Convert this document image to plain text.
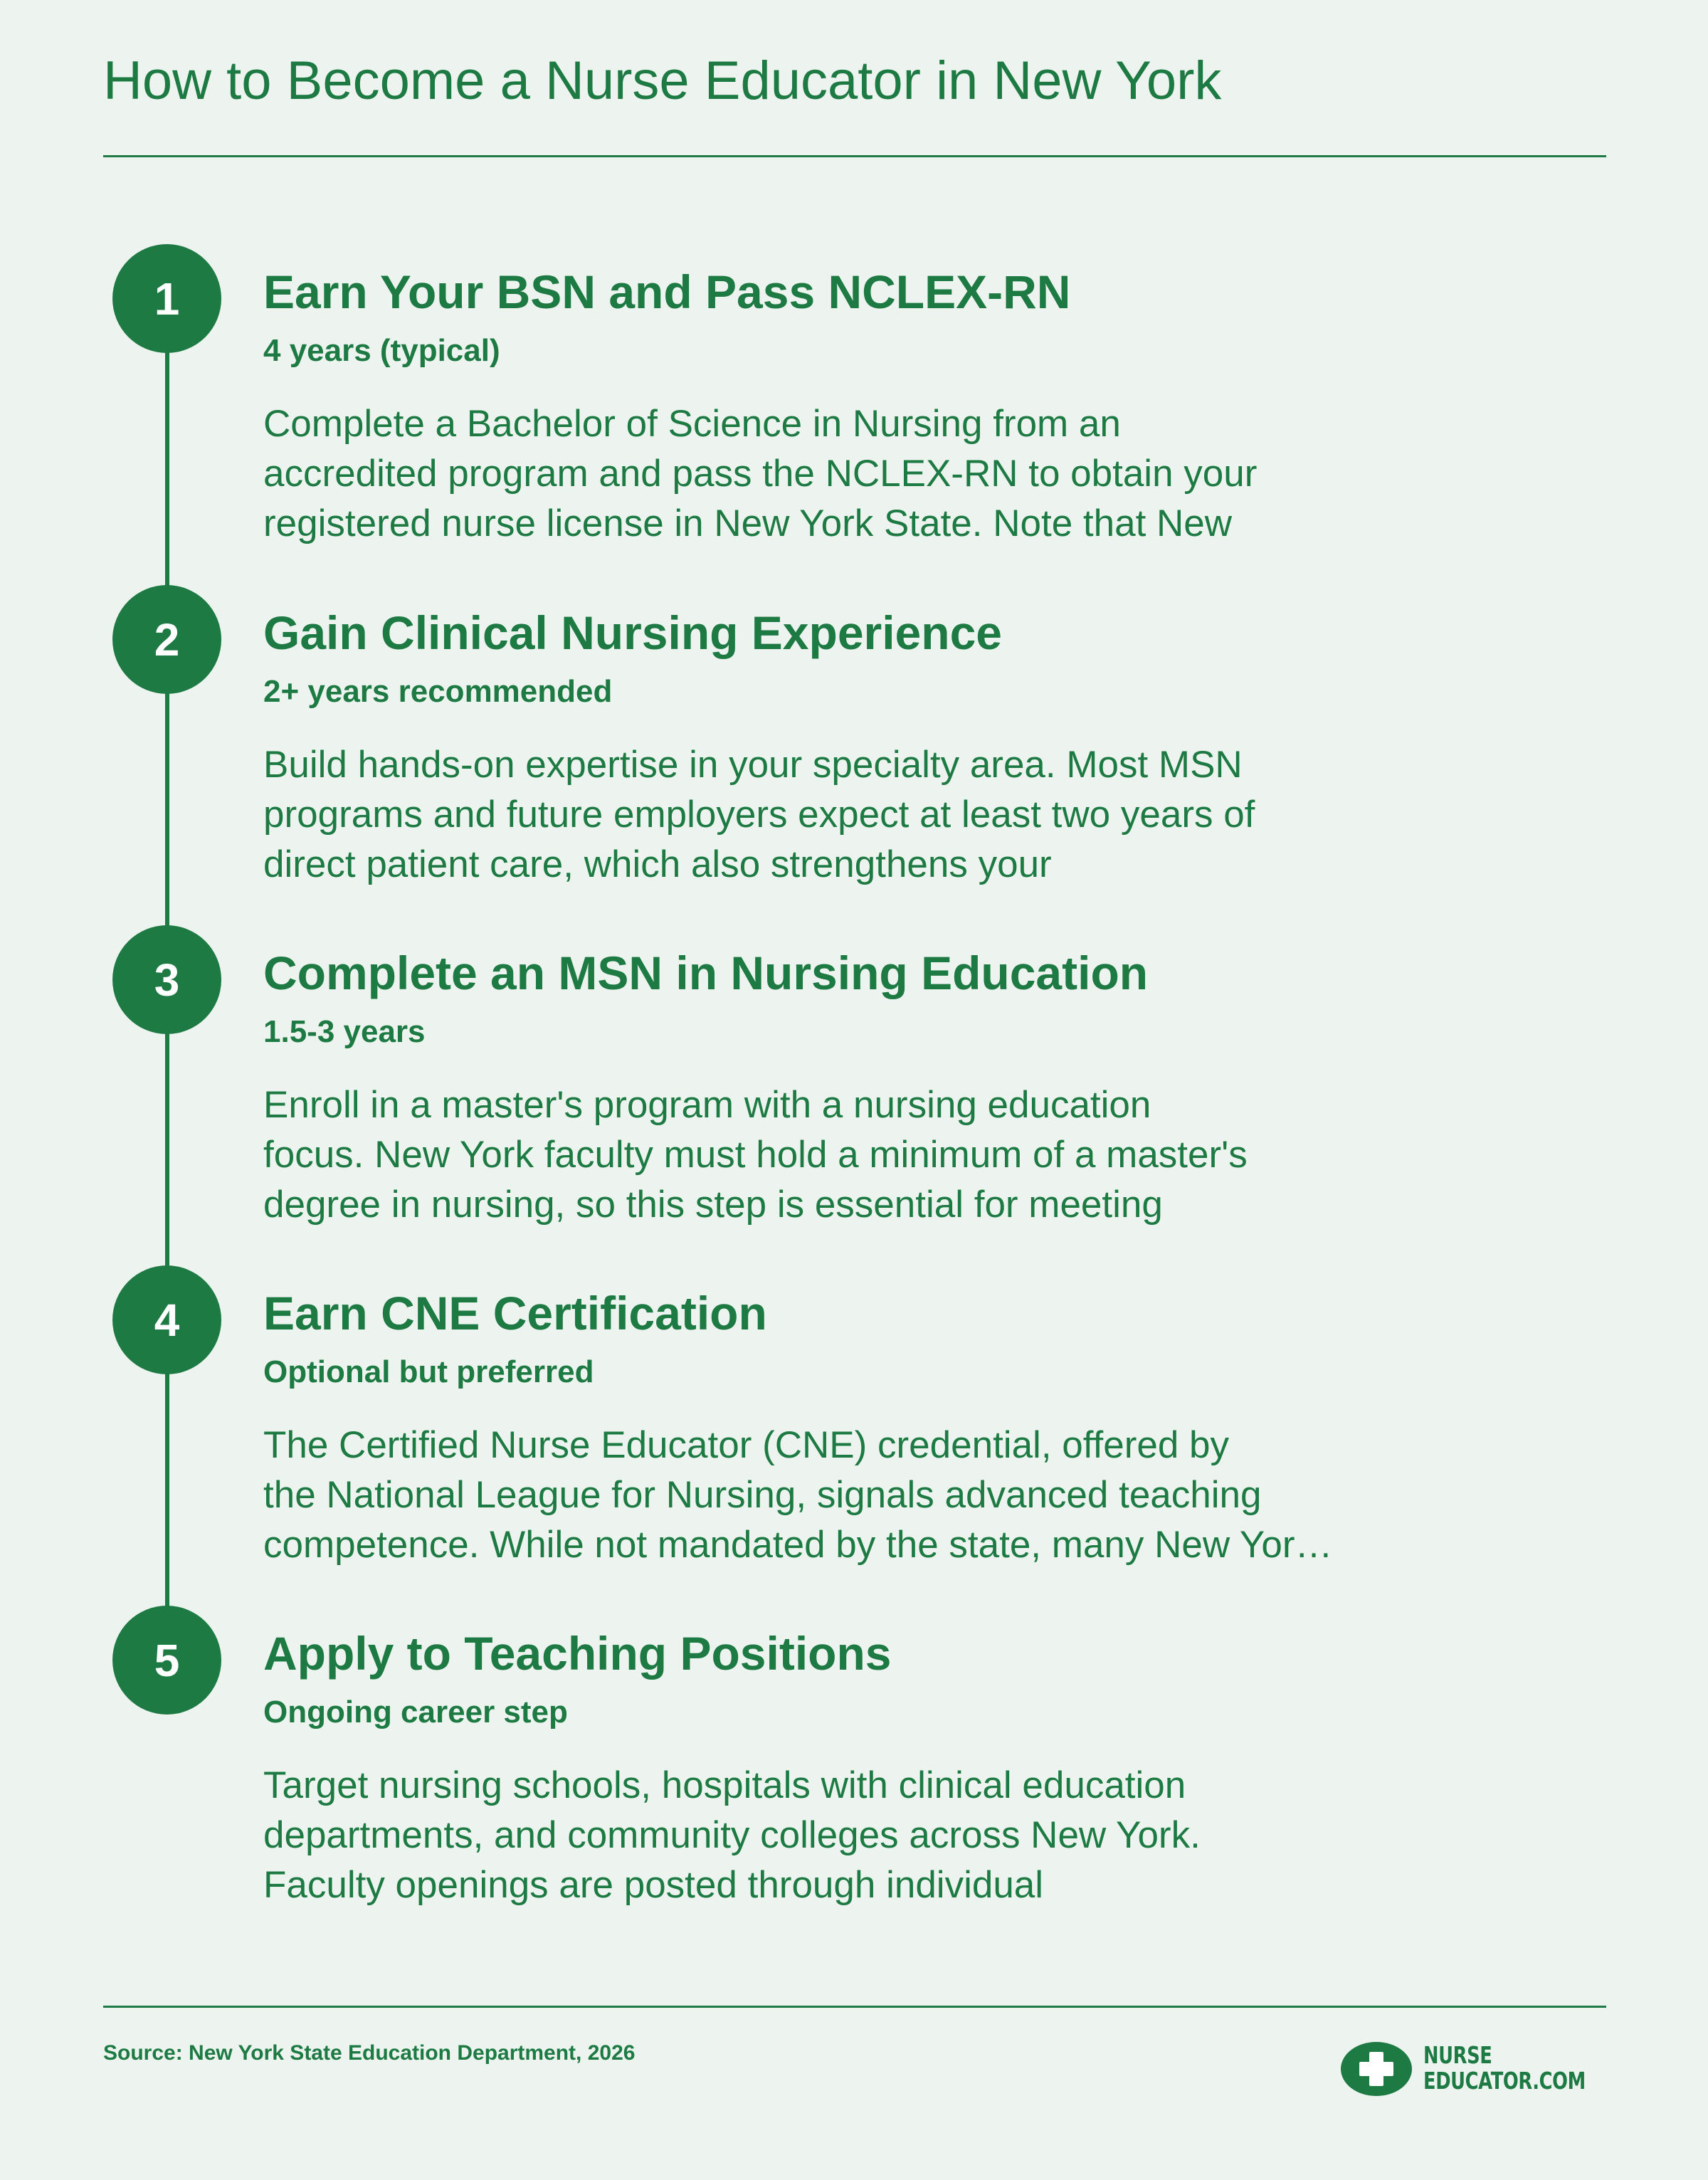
How to Become a Nurse Educator in New York
1 Earn Your BSN and Pass NCLEX-RN
4 years (typical)

Complete a Bachelor of Science in Nursing from an
accredited program and pass the NCLEX-RN to obtain your
registered nurse license in New York State. Note that New

2 Gain Clinical Nursing Experience
2+ years recommended

Build hands-on expertise in your specialty area. Most MSN
programs and future employers expect at least two years of
direct patient care, which also strengthens your

3 Complete an MSN in Nursing Education
1.5-3 years

Enroll in a master's program with a nursing education
focus. New York faculty must hold a minimum of a master's
degree in nursing, so this step is essential for meeting

4 Earn CNE Certification
Optional but preferred

The Certified Nurse Educator (CNE) credential, offered by
the National League for Nursing, signals advanced teaching
competence. While not mandated by the state, many New Yor…

5 Apply to Teaching Positions
Ongoing career step

Target nursing schools, hospitals with clinical education
departments, and community colleges across New York.
Faculty openings are posted through individual

Source: New York State Education Department, 2026	NURSE
EDUCATOR.COM
